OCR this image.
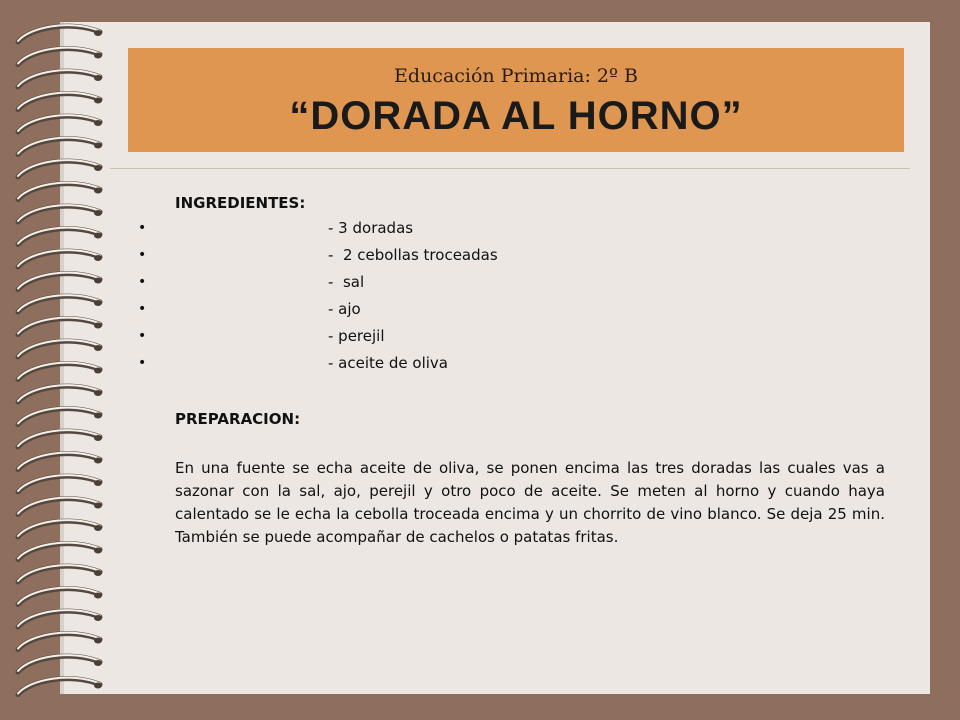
Educación Primaria: 2º B
“DORADA AL HORNO”
INGREDIENTES:
•	- 3 doradas
•	-  2 cebollas troceadas
•	-  sal
•	- ajo
•	- perejil
•	- aceite de oliva
PREPARACION:

En una fuente se echa aceite de oliva, se ponen encima las tres doradas las cuales vas a sazonar con la sal, ajo, perejil y otro poco de aceite. Se meten al horno y cuando haya calentado se le echa la cebolla troceada encima y un chorrito de vino blanco. Se deja 25 min. También se puede acompañar de cachelos o patatas fritas.
